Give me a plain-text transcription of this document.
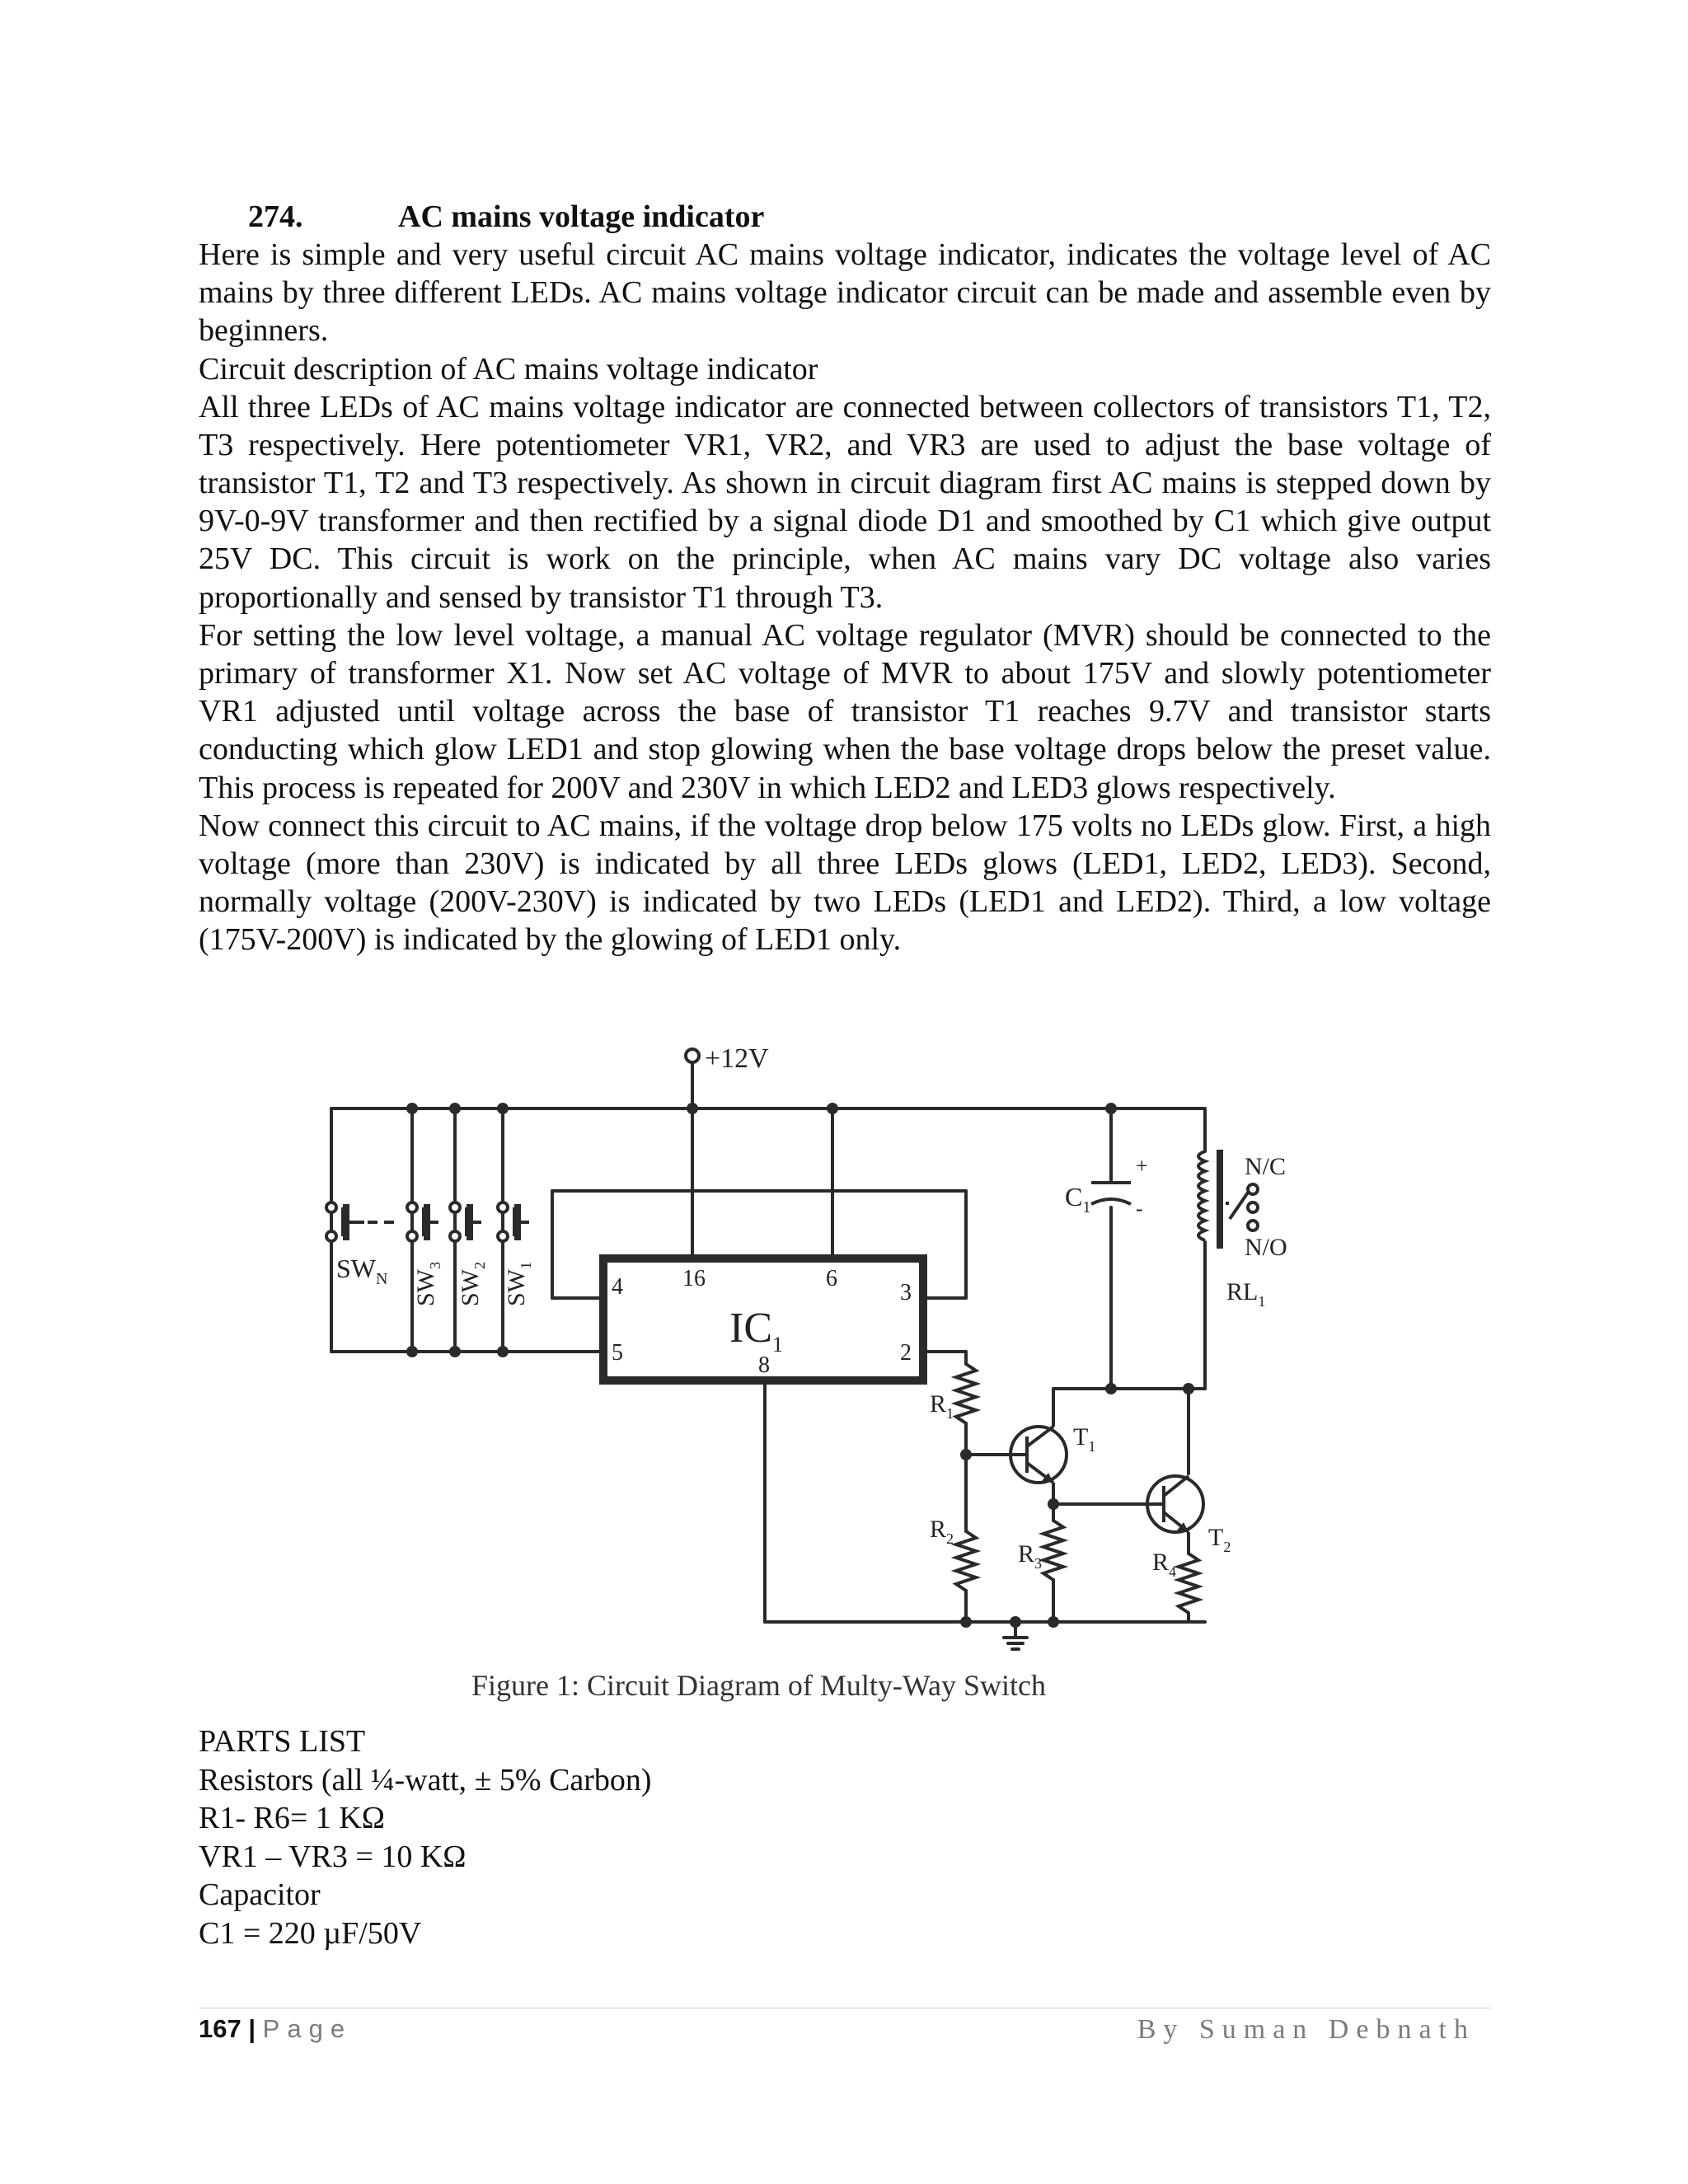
274.	AC mains voltage indicator

Here is simple and very useful circuit AC mains voltage indicator, indicates the voltage level of AC mains by three different LEDs. AC mains voltage indicator circuit can be made and assemble even by beginners.

Circuit description of AC mains voltage indicator

All three LEDs of AC mains voltage indicator are connected between collectors of transistors T1, T2, T3 respectively. Here potentiometer VR1, VR2, and VR3 are used to adjust the base voltage of transistor T1, T2 and T3 respectively. As shown in circuit diagram first AC mains is stepped down by 9V-0-9V transformer and then rectified by a signal diode D1 and smoothed by C1 which give output 25V DC. This circuit is work on the principle, when AC mains vary DC voltage also varies proportionally and sensed by transistor T1 through T3.

For setting the low level voltage, a manual AC voltage regulator (MVR) should be connected to the primary of transformer X1. Now set AC voltage of MVR to about 175V and slowly potentiometer VR1 adjusted until voltage across the base of transistor T1 reaches 9.7V and transistor starts conducting which glow LED1 and stop glowing when the base voltage drops below the preset value. This process is repeated for 200V and 230V in which LED2 and LED3 glows respectively.

Now connect this circuit to AC mains, if the voltage drop below 175 volts no LEDs glow. First, a high voltage (more than 230V) is indicated by all three LEDs glows (LED1, LED2, LED3). Second, normally voltage (200V-230V) is indicated by two LEDs (LED1 and LED2). Third, a low voltage (175V-200V) is indicated by the glowing of LED1 only.

+12V
$SW_N$ $SW_3$
$SW_2$
$SW_1$
4	16	6
3
5	8	2
$IC_1$
+
-
$C_1$
N/C
N/O
$RL_1$
$R_1$
$R_2$
$R_3$	$R_4$
$T_1$
$T_2$
Figure 1: Circuit Diagram of Multy-Way Switch

PARTS LIST

Resistors (all ¼-watt, ± 5% Carbon)

R1- R6= 1 KΩ

VR1 – VR3 = 10 KΩ

Capacitor

C1 = 220 µF/50V

167 | Page	By Suman Debnath
